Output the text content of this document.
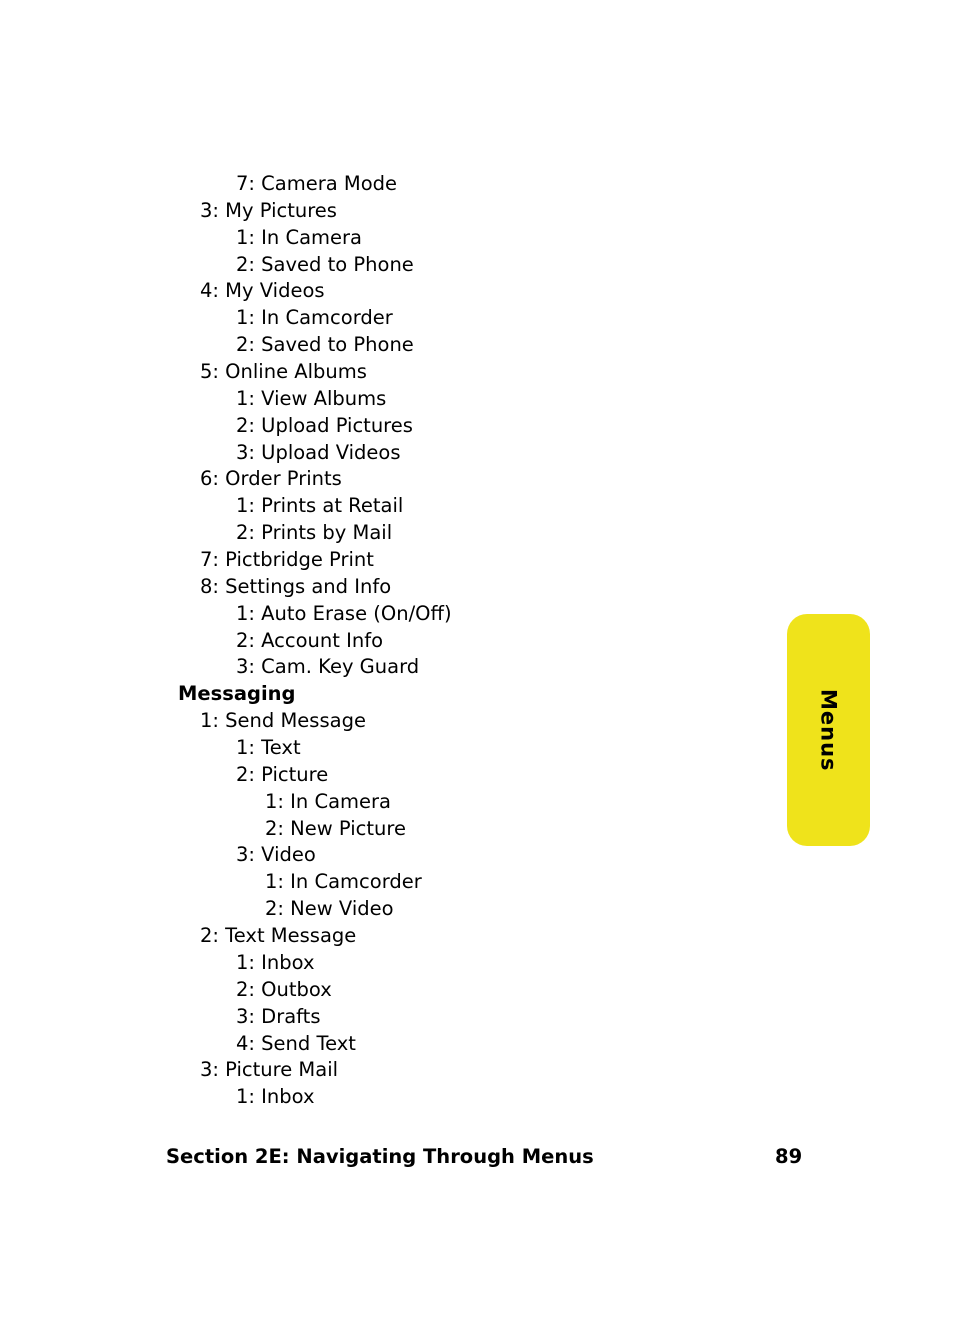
7: Camera Mode
3: My Pictures
1: In Camera
2: Saved to Phone
4: My Videos
1: In Camcorder
2: Saved to Phone
5: Online Albums
1: View Albums
2: Upload Pictures
3: Upload Videos
6: Order Prints
1: Prints at Retail
2: Prints by Mail
7: Pictbridge Print
8: Settings and Info
1: Auto Erase (On/Off)
2: Account Info
3: Cam. Key Guard
Messaging
1: Send Message
1: Text
2: Picture
1: In Camera
2: New Picture
3: Video
1: In Camcorder
2: New Video
2: Text Message
1: Inbox
2: Outbox
3: Drafts
4: Send Text
3: Picture Mail
1: Inbox
Menus
Section 2E: Navigating Through Menus	89
